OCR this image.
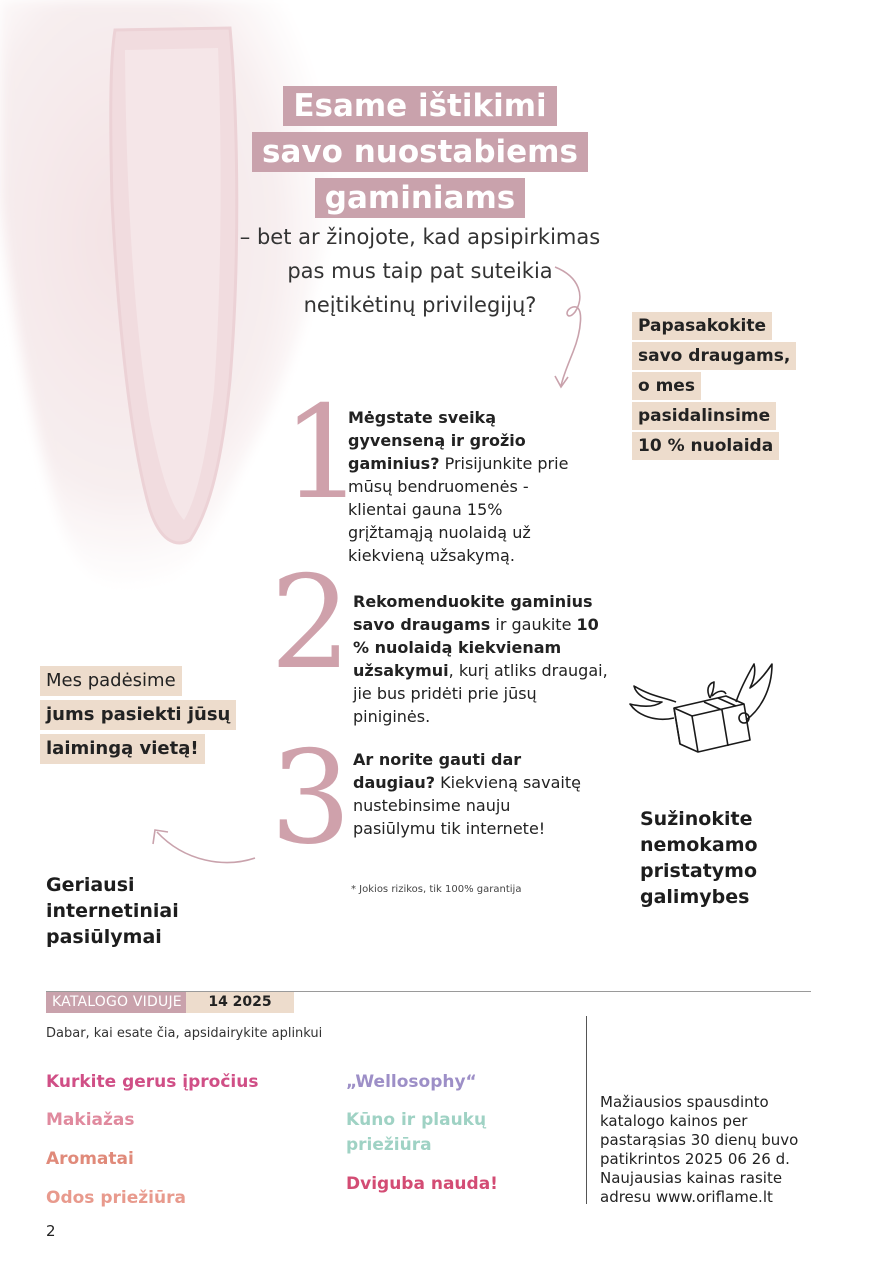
Esame ištikimi
savo nuostabiems
gaminiams
– bet ar žinojote, kad apsipirkimas
pas mus taip pat suteikia
neįtikėtinų privilegijų?
Papasakokite
savo draugams,
o mes
pasidalinsime
10 % nuolaida
1
Mėgstate sveiką gyvenseną ir grožio gaminius? Prisijunkite prie mūsų bendruomenės - klientai gauna 15% grįžtamąją nuolaidą už kiekvieną užsakymą.
2 Rekomenduokite gaminius savo draugams ir gaukite 10 % nuolaidą kiekvienam užsakymui, kurį atliks draugai, jie bus pridėti prie jūsų piniginės.
3 Ar norite gauti dar daugiau? Kiekvieną savaitę nustebinsime nauju pasiūlymu tik internete!
* Jokios rizikos, tik 100% garantija
Mes padėsime
jums pasiekti jūsų
laimingą vietą!
Geriausi internetiniai pasiūlymai
Sužinokite nemokamo pristatymo galimybes
KATALOGO VIDUJE	14 2025
Dabar, kai esate čia, apsidairykite aplinkui
Kurkite gerus įpročius
Makiažas
Aromatai
Odos priežiūra
„Wellosophy“
Kūno ir plaukų priežiūra
Dviguba nauda!
Mažiausios spausdinto katalogo kainos per pastarąsias 30 dienų buvo patikrintos 2025 06 26 d. Naujausias kainas rasite adresu www.oriflame.lt
2
